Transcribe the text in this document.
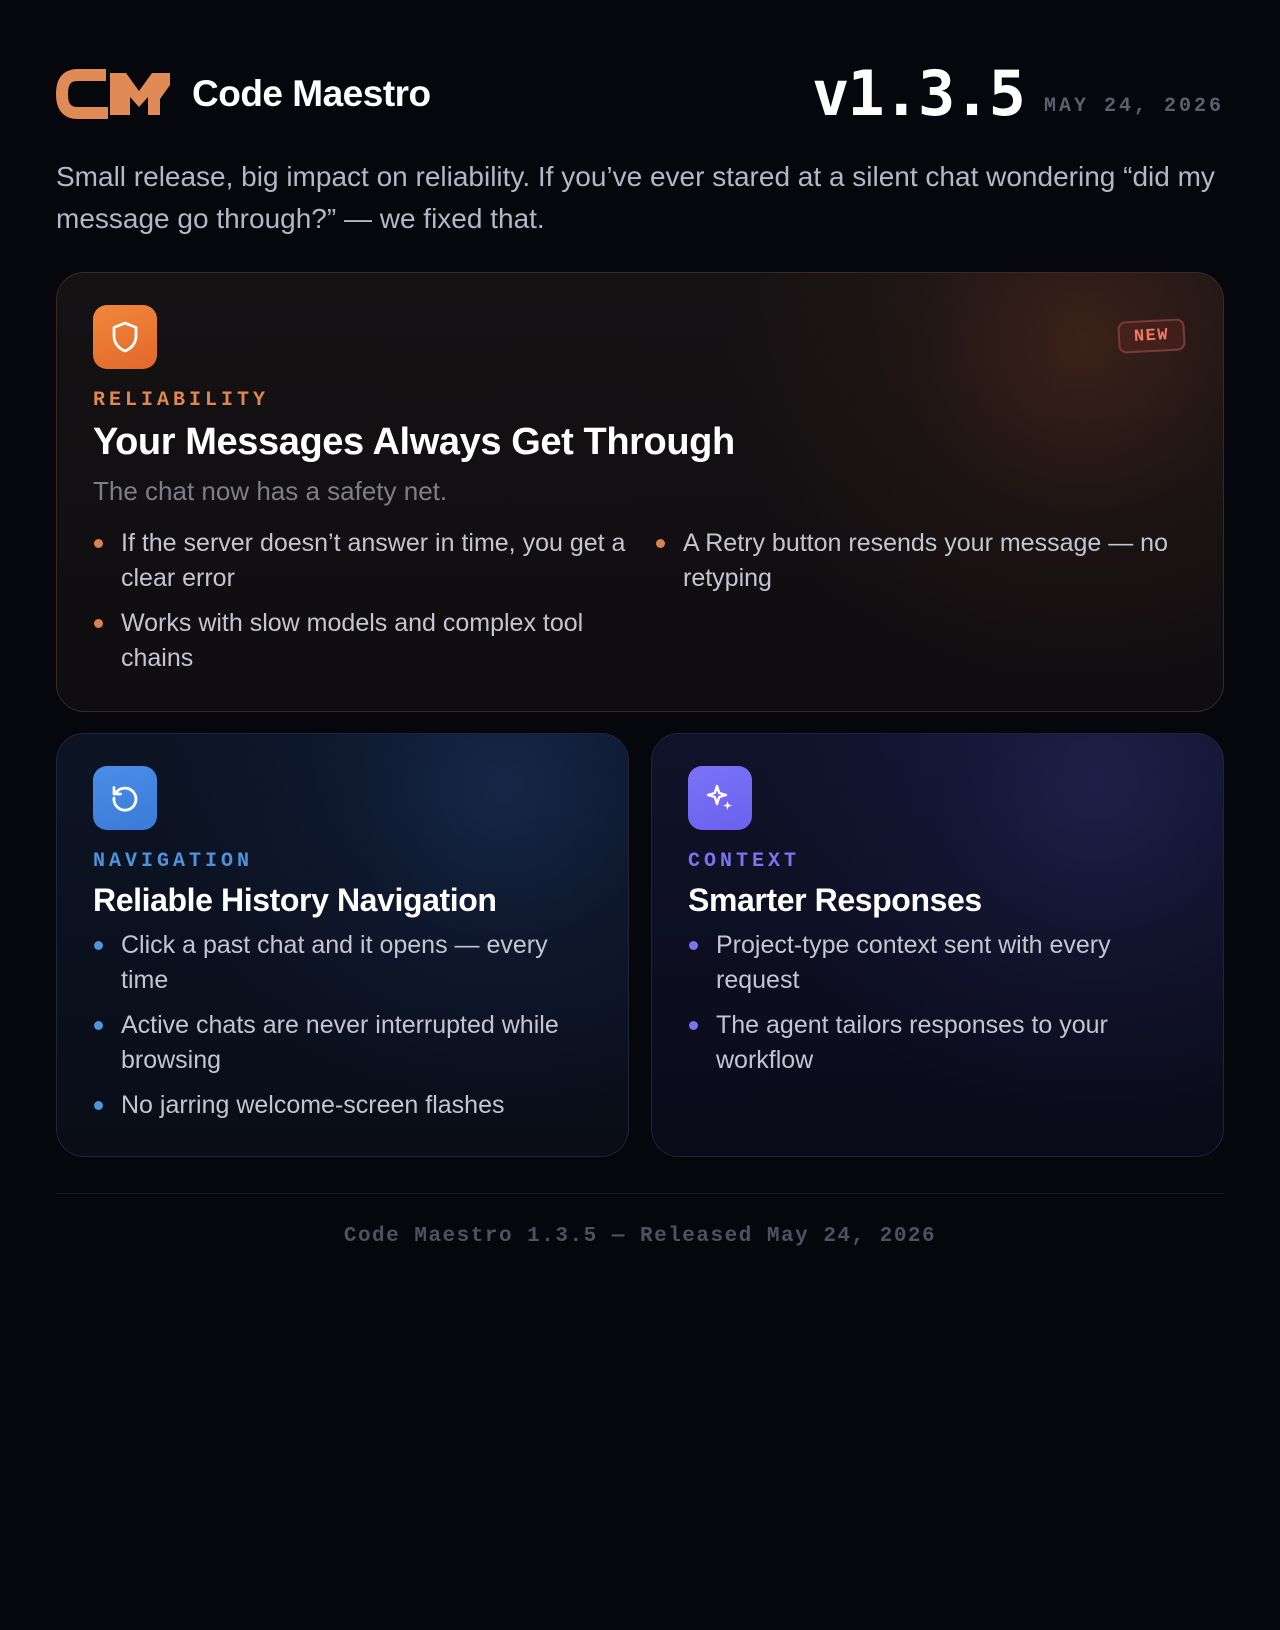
Code Maestro	v1.3.5 MAY 24, 2026

Small release, big impact on reliability. If you’ve ever stared at a silent chat wondering “did my message go through?” — we fixed that.

NEW
RELIABILITY
Your Messages Always Get Through

The chat now has a safety net.

If the server doesn’t answer in time, you get a clear error
Works with slow models and complex tool chains
A Retry button resends your message — no retyping
NAVIGATION
Reliable History Navigation
Click a past chat and it opens — every time
Active chats are never interrupted while browsing
No jarring welcome-screen flashes
CONTEXT
Smarter Responses
Project-type context sent with every request
The agent tailors responses to your workflow
Code Maestro 1.3.5 — Released May 24, 2026
